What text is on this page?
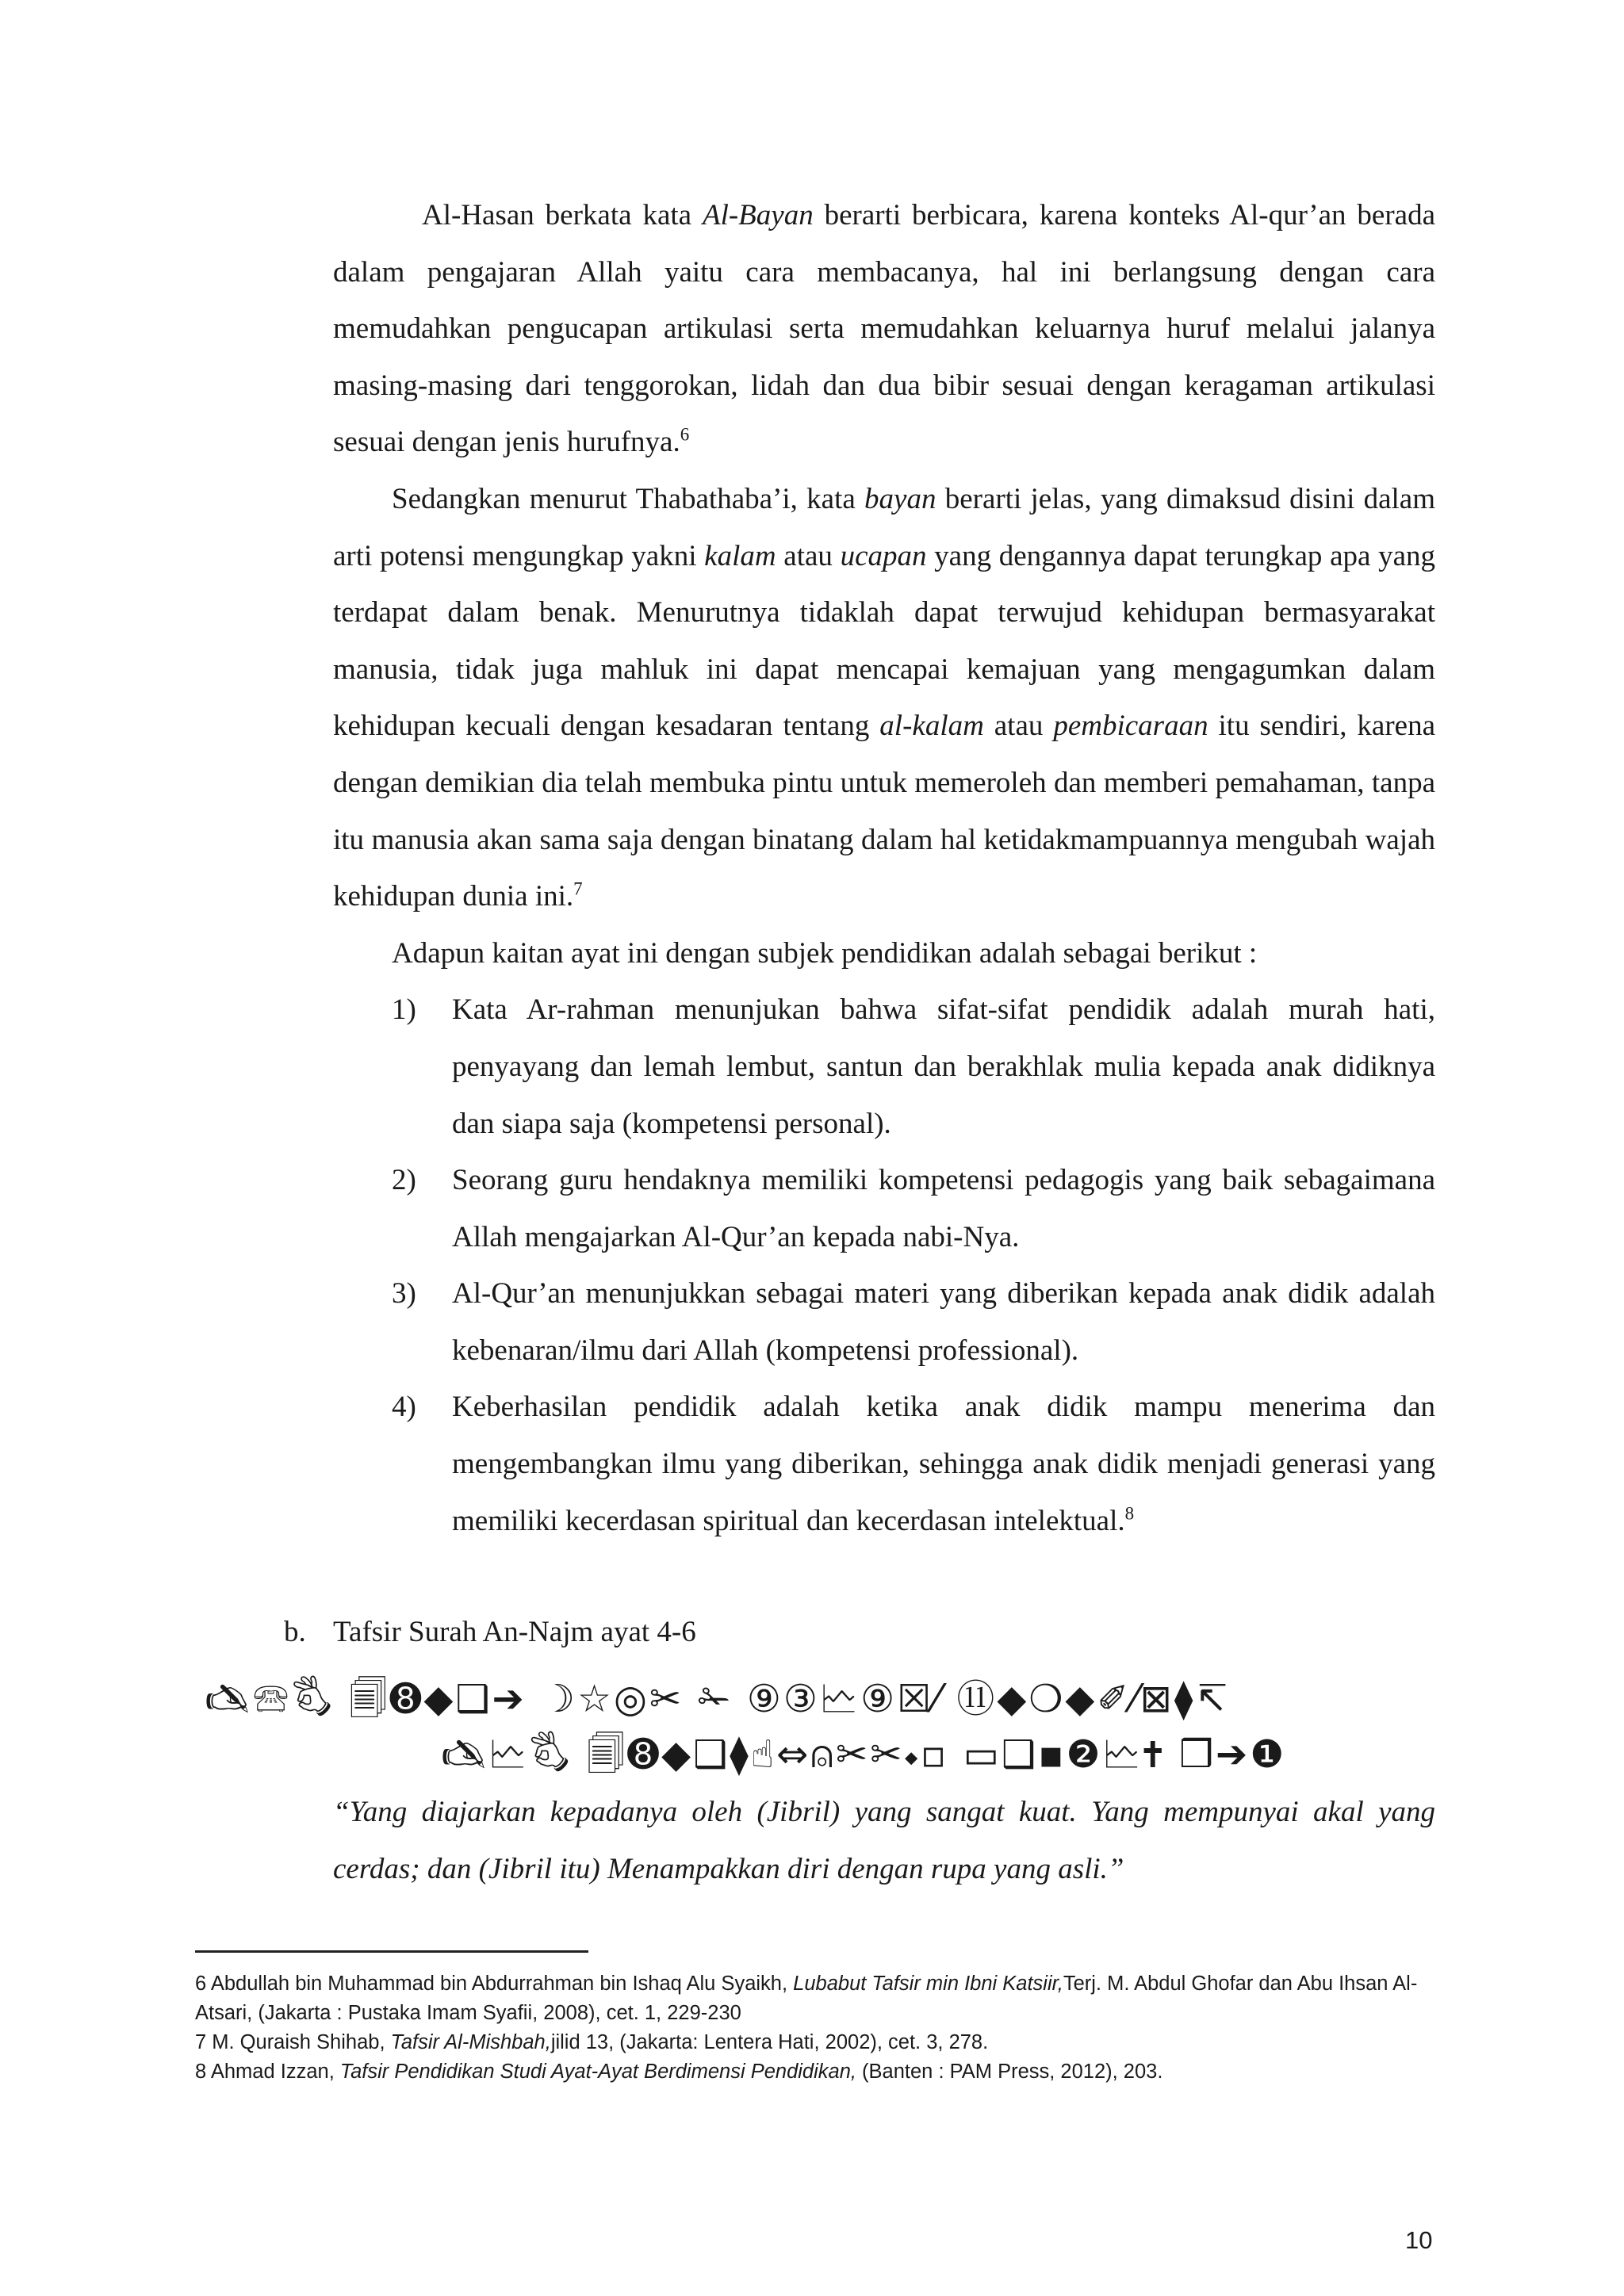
Al-Hasan berkata kata Al-Bayan berarti berbicara, karena konteks Al-qur’an berada dalam pengajaran Allah yaitu cara membacanya, hal ini berlangsung dengan cara memudahkan pengucapan artikulasi serta memudahkan keluarnya huruf melalui jalanya masing-masing dari tenggorokan, lidah dan dua bibir sesuai dengan keragaman artikulasi sesuai dengan jenis hurufnya.$^6$

Sedangkan menurut Thabathaba’i, kata bayan berarti jelas, yang dimaksud disini dalam arti potensi mengungkap yakni kalam atau ucapan yang dengannya dapat terungkap apa yang terdapat dalam benak. Menurutnya tidaklah dapat terwujud kehidupan bermasyarakat manusia, tidak juga mahluk ini dapat mencapai kemajuan yang mengagumkan dalam kehidupan kecuali dengan kesadaran tentang al-kalam atau pembicaraan itu sendiri, karena dengan demikian dia telah membuka pintu untuk memeroleh dan memberi pemahaman, tanpa itu manusia akan sama saja dengan binatang dalam hal ketidakmampuannya mengubah wajah kehidupan dunia ini.$^7$

Adapun kaitan ayat ini dengan subjek pendidikan adalah sebagai berikut :

1) Kata Ar-rahman menunjukan bahwa sifat-sifat pendidik adalah murah hati, penyayang dan lemah lembut, santun dan berakhlak mulia kepada anak didiknya dan siapa saja (kompetensi personal).
2) Seorang guru hendaknya memiliki kompetensi pedagogis yang baik sebagaimana Allah mengajarkan Al-Qur’an kepada nabi-Nya.
3) Al-Qur’an menunjukkan sebagai materi yang diberikan kepada anak didik adalah kebenaran/ilmu dari Allah (kompetensi professional).
4) Keberhasilan pendidik adalah ketika anak didik mampu menerima dan mengembangkan ilmu yang diberikan, sehingga anak didik menjadi generasi yang memiliki kecerdasan spiritual dan kecerdasan intelektual.$^8$

b. Tafsir Surah An-Najm ayat 4-6

🖎🕾🖏 🗐➑◆❑➔ ☽☆◎✂ ✁ ⑨③🗠⑨☒⁄ ⑪◆❍◆✐⁄⊠⧫↸

🖎🗠🖏 🗐➑◆❑⧫☝⇔⍝✂✂⬩▫ ▭❑▪❷🗠🕇 ❒➔❶

“Yang diajarkan kepadanya oleh (Jibril) yang sangat kuat. Yang mempunyai akal yang cerdas; dan (Jibril itu) Menampakkan diri dengan rupa yang asli.”

6 Abdullah bin Muhammad bin Abdurrahman bin Ishaq Alu Syaikh, Lubabut Tafsir min Ibni Katsiir,Terj. M. Abdul Ghofar dan Abu Ihsan Al-Atsari, (Jakarta : Pustaka Imam Syafii, 2008), cet. 1, 229-230

7 M. Quraish Shihab, Tafsir Al-Mishbah,jilid 13, (Jakarta: Lentera Hati, 2002), cet. 3, 278.

8 Ahmad Izzan, Tafsir Pendidikan Studi Ayat-Ayat Berdimensi Pendidikan, (Banten : PAM Press, 2012), 203.

10
